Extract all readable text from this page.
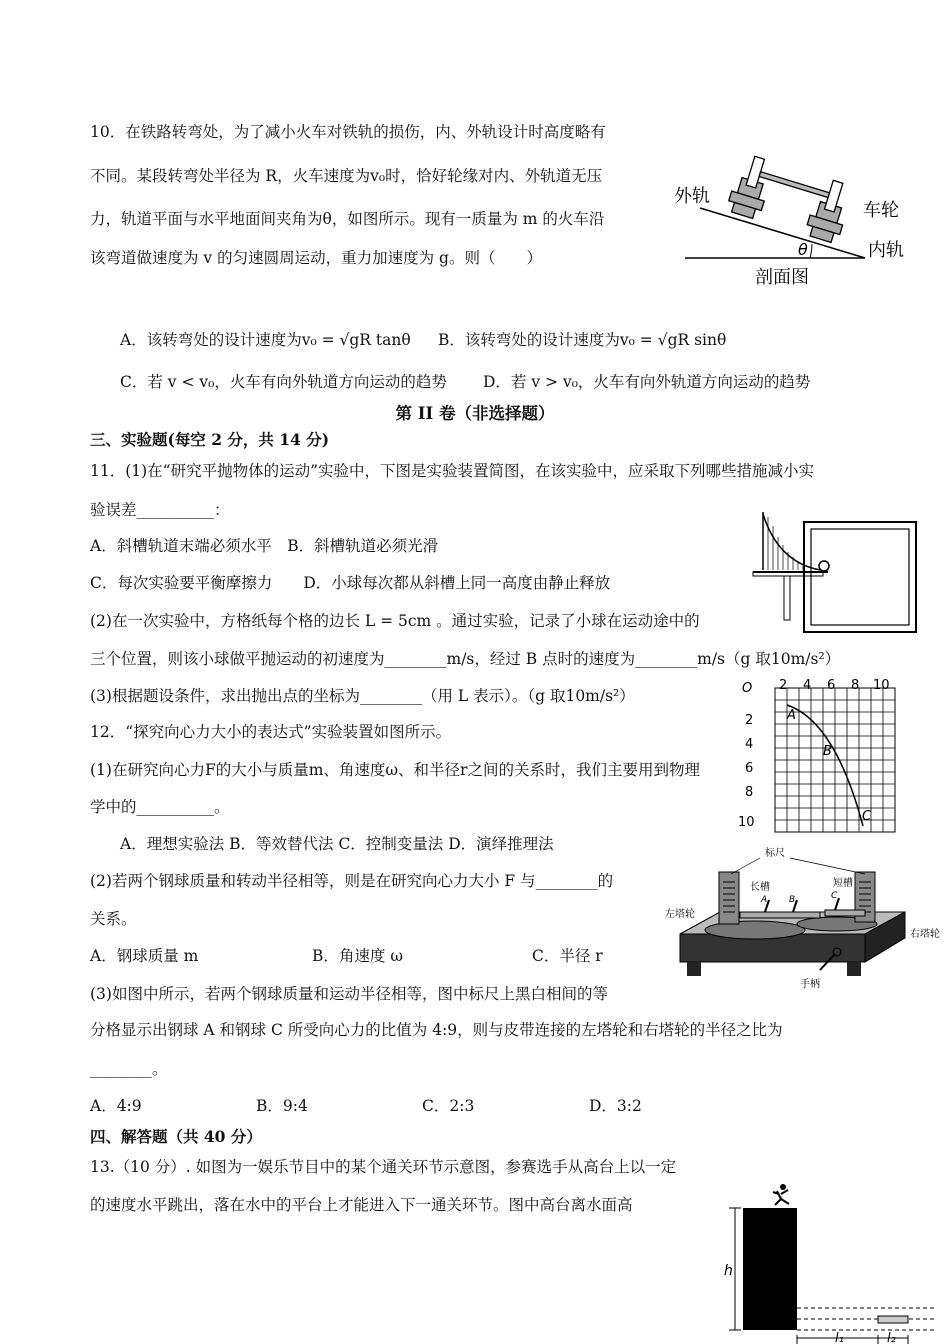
10．在铁路转弯处，为了减小火车对铁轨的损伤，内、外轨设计时高度略有
不同。某段转弯处半径为 R，火车速度为v₀时，恰好轮缘对内、外轨道无压
力，轨道平面与水平地面间夹角为θ，如图所示。现有一质量为 m 的火车沿
该弯道做速度为 v 的匀速圆周运动，重力加速度为 g。则（　　）
A．该转弯处的设计速度为v₀ = √gR tanθ B．该转弯处的设计速度为v₀ = √gR sinθ
C．若 v < v₀，火车有向外轨道方向运动的趋势 D．若 v > v₀，火车有向外轨道方向运动的趋势
外轨
车轮
内轨
θ
剖面图
第 II 卷（非选择题）
三、实验题(每空 2 分，共 14 分)
11．(1)在“研究平抛物体的运动”实验中，下图是实验装置简图，在该实验中，应采取下列哪些措施减小实
验误差__________：
A．斜槽轨道末端必须水平　B．斜槽轨道必须光滑
C．每次实验要平衡摩擦力　　D．小球每次都从斜槽上同一高度由静止释放
(2)在一次实验中，方格纸每个格的边长 L = 5cm 。通过实验，记录了小球在运动途中的
三个位置，则该小球做平抛运动的初速度为________m/s，经过 B 点时的速度为________m/s（g 取10m/s²）
(3)根据题设条件，求出抛出点的坐标为________（用 L 表示）。（g 取10m/s²）	O 2 4 6 8 10
2
4
6
8
10
A
B
C
12．“探究向心力大小的表达式”实验装置如图所示。
(1)在研究向心力F的大小与质量m、角速度ω、和半径r之间的关系时，我们主要用到物理
学中的__________。
A．理想实验法 B．等效替代法 C．控制变量法 D．演绎推理法
(2)若两个钢球质量和转动半径相等，则是在研究向心力大小 F 与________的
关系。
A．钢球质量 m	B．角速度 ω	C．半径 r
(3)如图中所示，若两个钢球质量和运动半径相等，图中标尺上黑白相间的等
分格显示出钢球 A 和钢球 C 所受向心力的比值为 4:9，则与皮带连接的左塔轮和右塔轮的半径之比为
________。
A．4:9	B．9:4	C．2:3	D．3:2
标尺
长槽	短槽
左塔轮
右塔轮
手柄
A B	C
四、解答题（共 40 分）
13.（10 分）. 如图为一娱乐节目中的某个通关环节示意图，参赛选手从高台上以一定
的速度水平跳出，落在水中的平台上才能进入下一通关环节。图中高台离水面高
h
l₁	l₂
